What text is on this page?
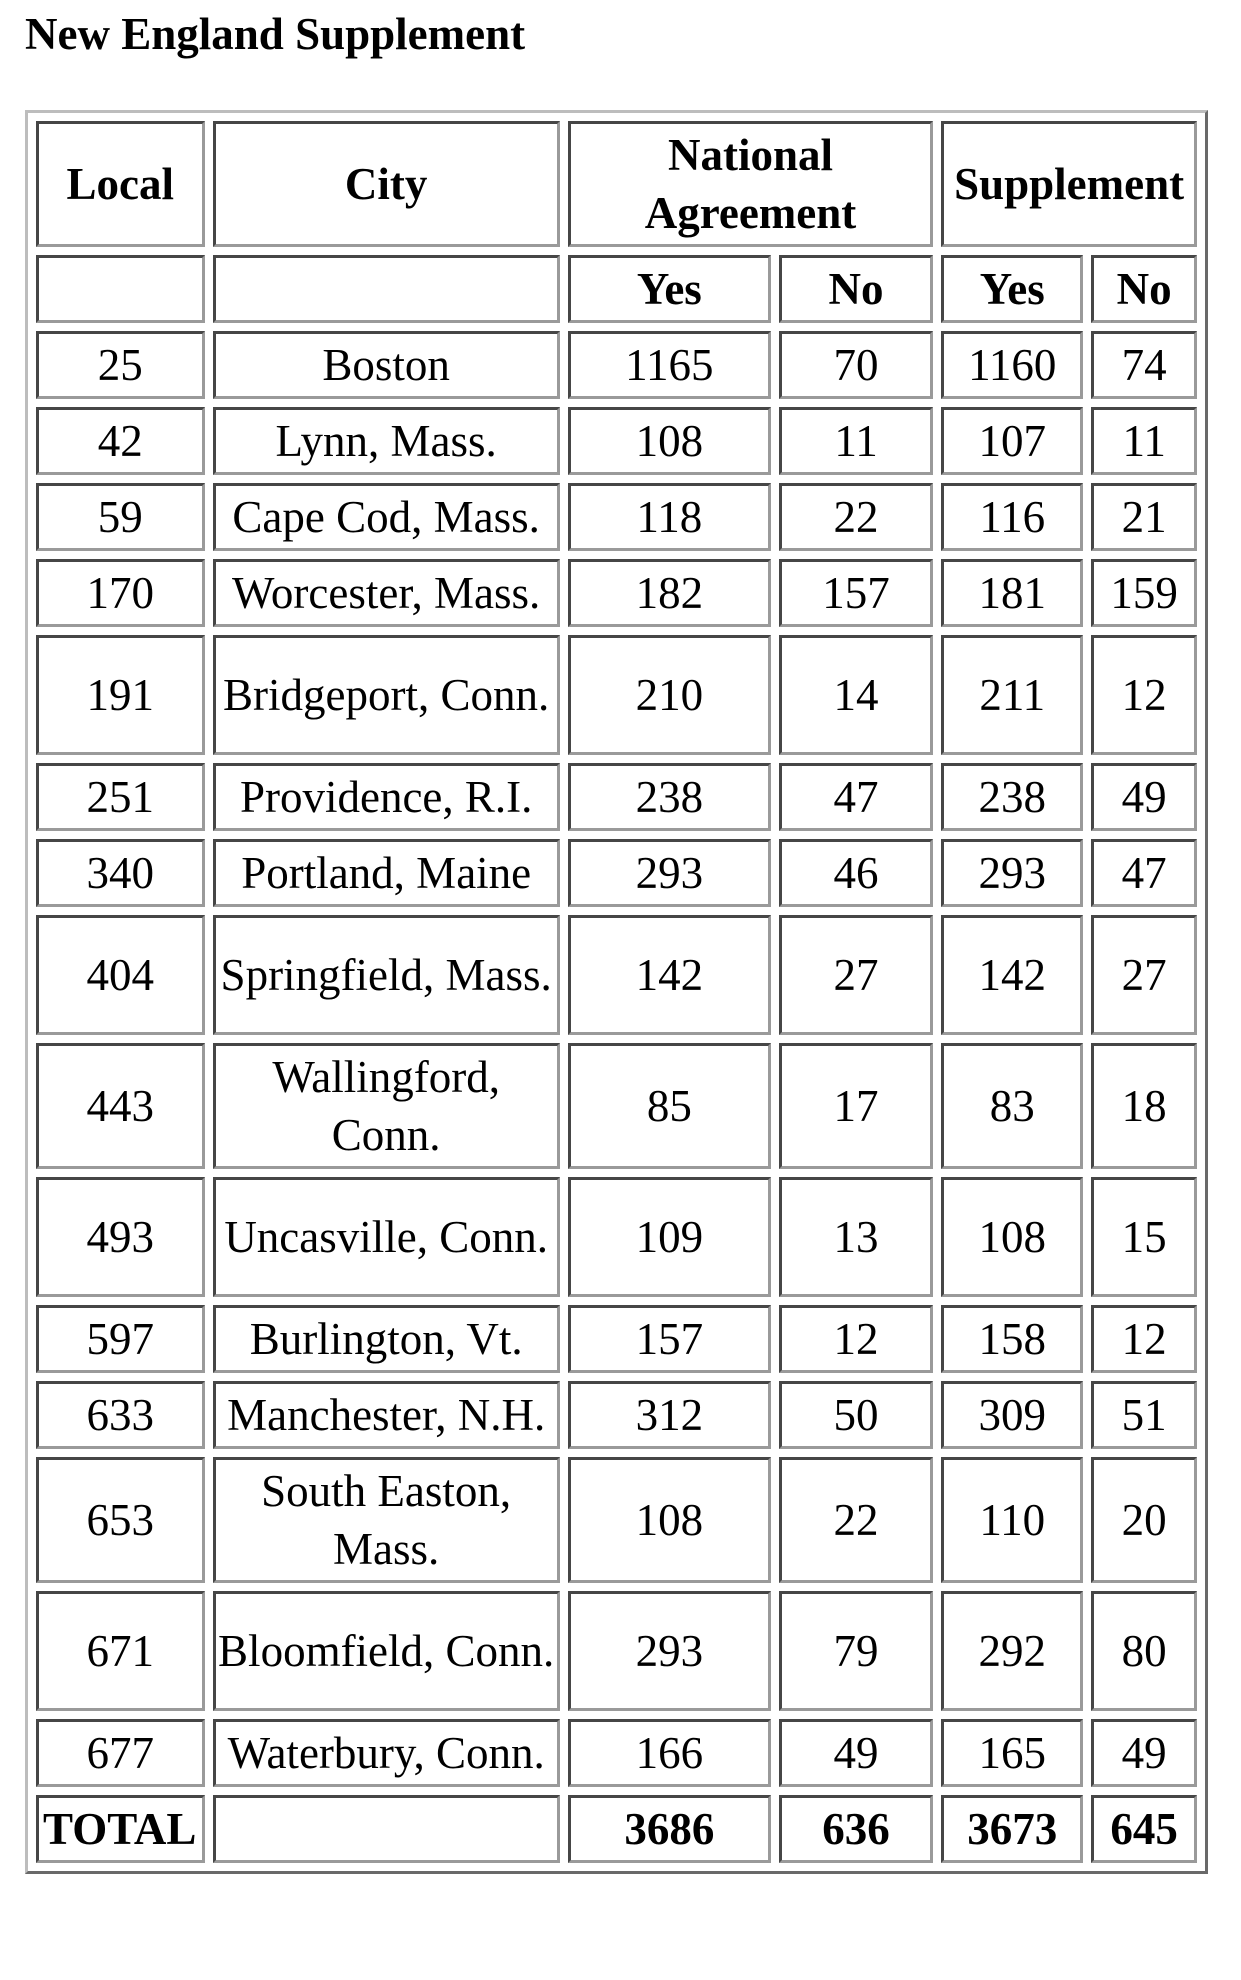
New England Supplement
Local	City	National Agreement		Supplement	
		Yes	No	Yes	No
25	Boston	1165	70	1160	74
42	Lynn, Mass.	108	11	107	11
59	Cape Cod, Mass.	118	22	116	21
170	Worcester, Mass.	182	157	181	159
191	Bridgeport, Conn.	210	14	211	12
251	Providence, R.I.	238	47	238	49
340	Portland, Maine	293	46	293	47
404	Springfield, Mass.	142	27	142	27
443	Wallingford, Conn.	85	17	83	18
493	Uncasville, Conn.	109	13	108	15
597	Burlington, Vt.	157	12	158	12
633	Manchester, N.H.	312	50	309	51
653	South Easton, Mass.	108	22	110	20
671	Bloomfield, Conn.	293	79	292	80
677	Waterbury, Conn.	166	49	165	49
TOTAL		3686	636	3673	645
